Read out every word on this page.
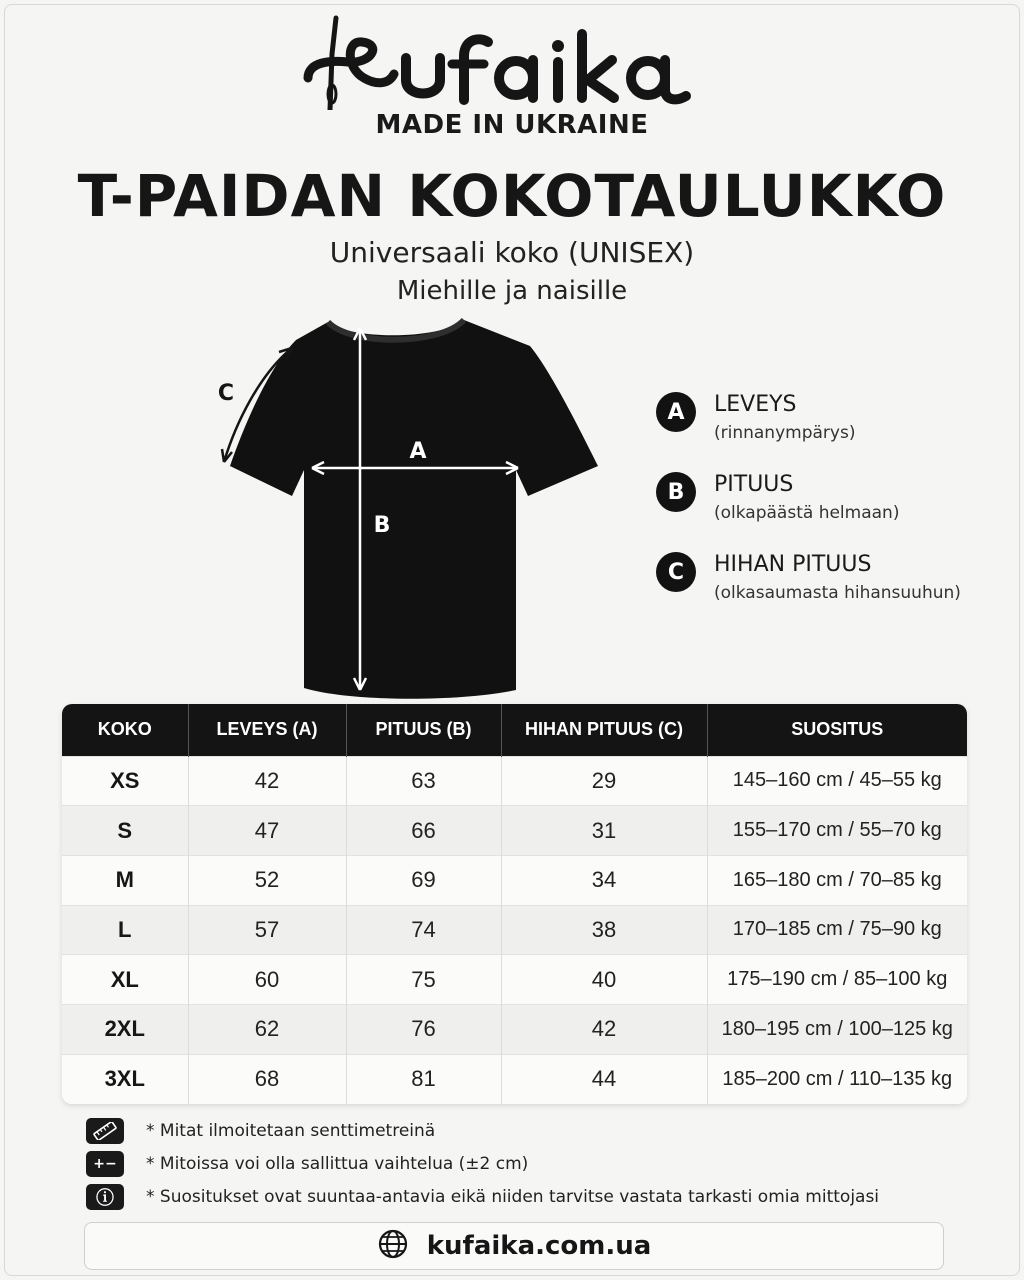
MADE IN UKRAINE
T-PAIDAN KOKOTAULUKKO
Universaali koko (UNISEX)
Miehille ja naisille
A
B
C
A	LEVEYS
(rinnanympärys)
B	PITUUS
(olkapäästä helmaan)
C	HIHAN PITUUS
(olkasaumasta hihansuuhun)
KOKO	LEVEYS (A)	PITUUS (B)	HIHAN PITUUS (C)	SUOSITUS
XS	42	63	29	145–160 cm / 45–55 kg
S	47	66	31	155–170 cm / 55–70 kg
M	52	69	34	165–180 cm / 70–85 kg
L	57	74	38	170–185 cm / 75–90 kg
XL	60	75	40	175–190 cm / 85–100 kg
2XL	62	76	42	180–195 cm / 100–125 kg
3XL	68	81	44	185–200 cm / 110–135 kg
* Mitat ilmoitetaan senttimetreinä
+−	* Mitoissa voi olla sallittua vaihtelua (±2 cm)
ⓘ	* Suositukset ovat suuntaa-antavia eikä niiden tarvitse vastata tarkasti omia mittojasi
kufaika.com.ua
